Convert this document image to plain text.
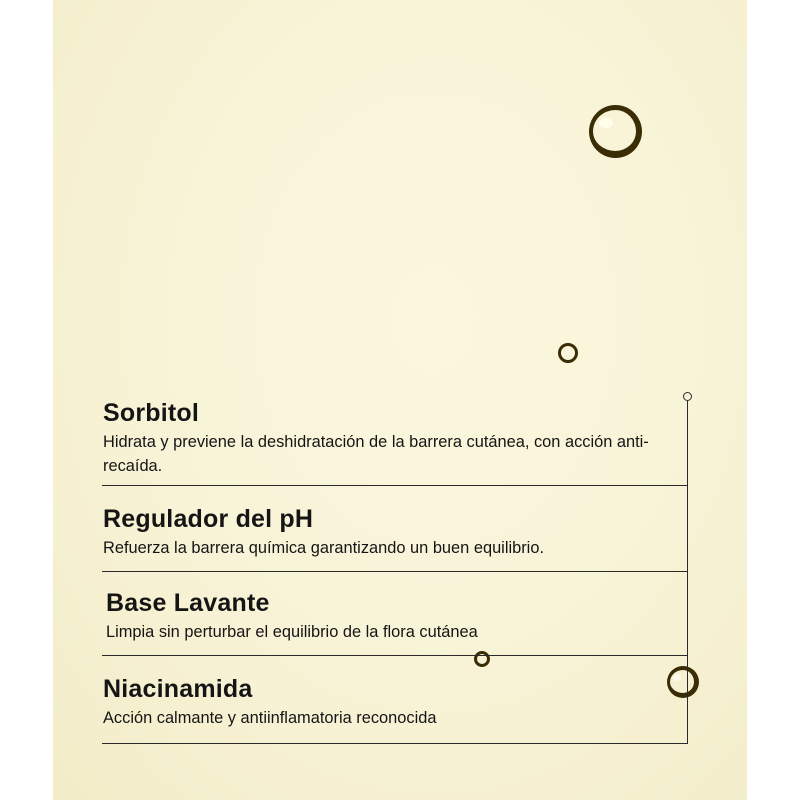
Sorbitol

Hidrata y previene la deshidratación de la barrera cutánea, con acción anti-recaída.

Regulador del pH

Refuerza la barrera química garantizando un buen equilibrio.

Base Lavante

Limpia sin perturbar el equilibrio de la flora cutánea

Niacinamida

Acción calmante y antiinflamatoria reconocida
